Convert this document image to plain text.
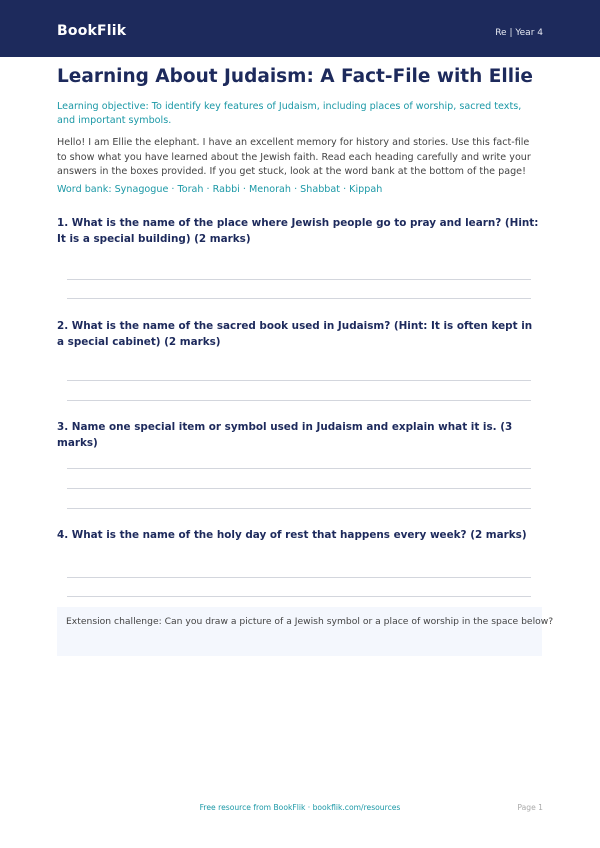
BookFlik	Re | Year 4
Learning About Judaism: A Fact-File with Ellie
Learning objective: To identify key features of Judaism, including places of worship, sacred texts, and important symbols.
Hello! I am Ellie the elephant. I have an excellent memory for history and stories. Use this fact-file to show what you have learned about the Jewish faith. Read each heading carefully and write your answers in the boxes provided. If you get stuck, look at the word bank at the bottom of the page!
Word bank: Synagogue · Torah · Rabbi · Menorah · Shabbat · Kippah
1. What is the name of the place where Jewish people go to pray and learn? (Hint: It is a special building) (2 marks)
2. What is the name of the sacred book used in Judaism? (Hint: It is often kept in a special cabinet) (2 marks)
3. Name one special item or symbol used in Judaism and explain what it is. (3 marks)
4. What is the name of the holy day of rest that happens every week? (2 marks)
Extension challenge: Can you draw a picture of a Jewish symbol or a place of worship in the space below?
Free resource from BookFlik · bookflik.com/resources	Page 1
